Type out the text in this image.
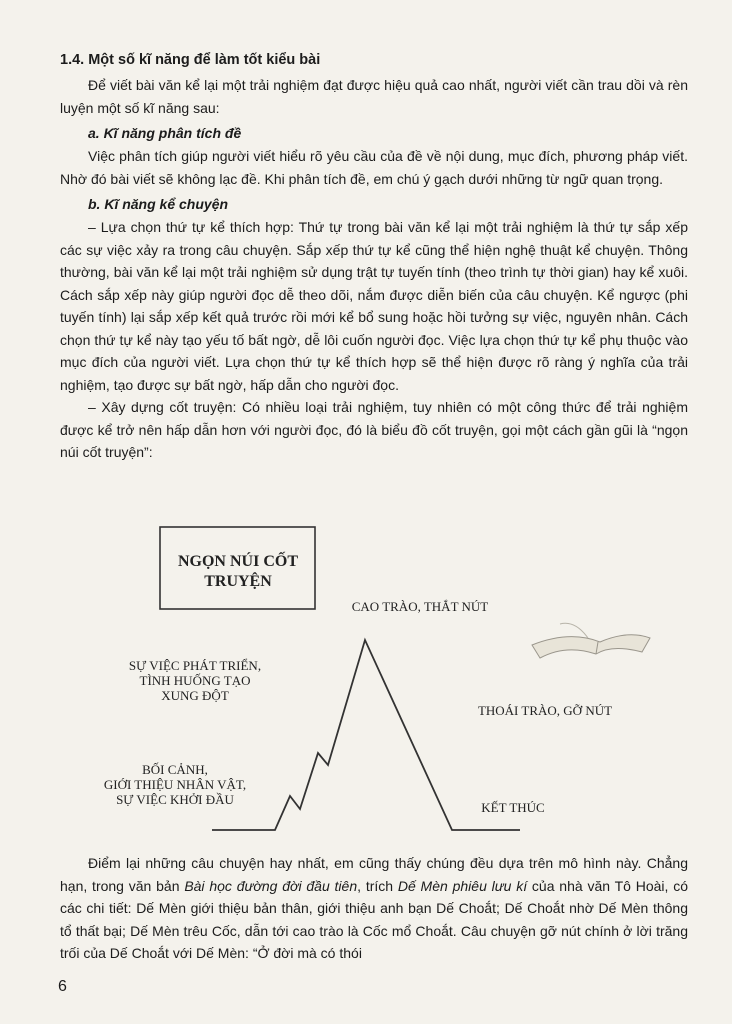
1.4. Một số kĩ năng để làm tốt kiểu bài

Để viết bài văn kể lại một trải nghiệm đạt được hiệu quả cao nhất, người viết cần trau dồi và rèn luyện một số kĩ năng sau:

a. Kĩ năng phân tích đề

Việc phân tích giúp người viết hiểu rõ yêu cầu của đề về nội dung, mục đích, phương pháp viết. Nhờ đó bài viết sẽ không lạc đề. Khi phân tích đề, em chú ý gạch dưới những từ ngữ quan trọng.

b. Kĩ năng kể chuyện

– Lựa chọn thứ tự kể thích hợp: Thứ tự trong bài văn kể lại một trải nghiệm là thứ tự sắp xếp các sự việc xảy ra trong câu chuyện. Sắp xếp thứ tự kể cũng thể hiện nghệ thuật kể chuyện. Thông thường, bài văn kể lại một trải nghiệm sử dụng trật tự tuyến tính (theo trình tự thời gian) hay kể xuôi. Cách sắp xếp này giúp người đọc dễ theo dõi, nắm được diễn biến của câu chuyện. Kể ngược (phi tuyến tính) lại sắp xếp kết quả trước rồi mới kể bổ sung hoặc hồi tưởng sự việc, nguyên nhân. Cách chọn thứ tự kể này tạo yếu tố bất ngờ, dễ lôi cuốn người đọc. Việc lựa chọn thứ tự kể phụ thuộc vào mục đích của người viết. Lựa chọn thứ tự kể thích hợp sẽ thể hiện được rõ ràng ý nghĩa của trải nghiệm, tạo được sự bất ngờ, hấp dẫn cho người đọc.

– Xây dựng cốt truyện: Có nhiều loại trải nghiệm, tuy nhiên có một công thức để trải nghiệm được kể trở nên hấp dẫn hơn với người đọc, đó là biểu đồ cốt truyện, gọi một cách gần gũi là “ngọn núi cốt truyện”:

NGỌN NÚI CỐT
TRUYỆN
CAO TRÀO, THẮT NÚT
SỰ VIỆC PHÁT TRIỂN,
TÌNH HUỐNG TẠO
XUNG ĐỘT
THOÁI TRÀO, GỠ NÚT
BỐI CẢNH,
GIỚI THIỆU NHÂN VẬT,
SỰ VIỆC KHỞI ĐẦU
KẾT THÚC

Điểm lại những câu chuyện hay nhất, em cũng thấy chúng đều dựa trên mô hình này. Chẳng hạn, trong văn bản Bài học đường đời đầu tiên, trích Dế Mèn phiêu lưu kí của nhà văn Tô Hoài, có các chi tiết: Dế Mèn giới thiệu bản thân, giới thiệu anh bạn Dế Choắt; Dế Choắt nhờ Dế Mèn thông tổ thất bại; Dế Mèn trêu Cốc, dẫn tới cao trào là Cốc mổ Choắt. Câu chuyện gỡ nút chính ở lời trăng trối của Dế Choắt với Dế Mèn: “Ở đời mà có thói

6
